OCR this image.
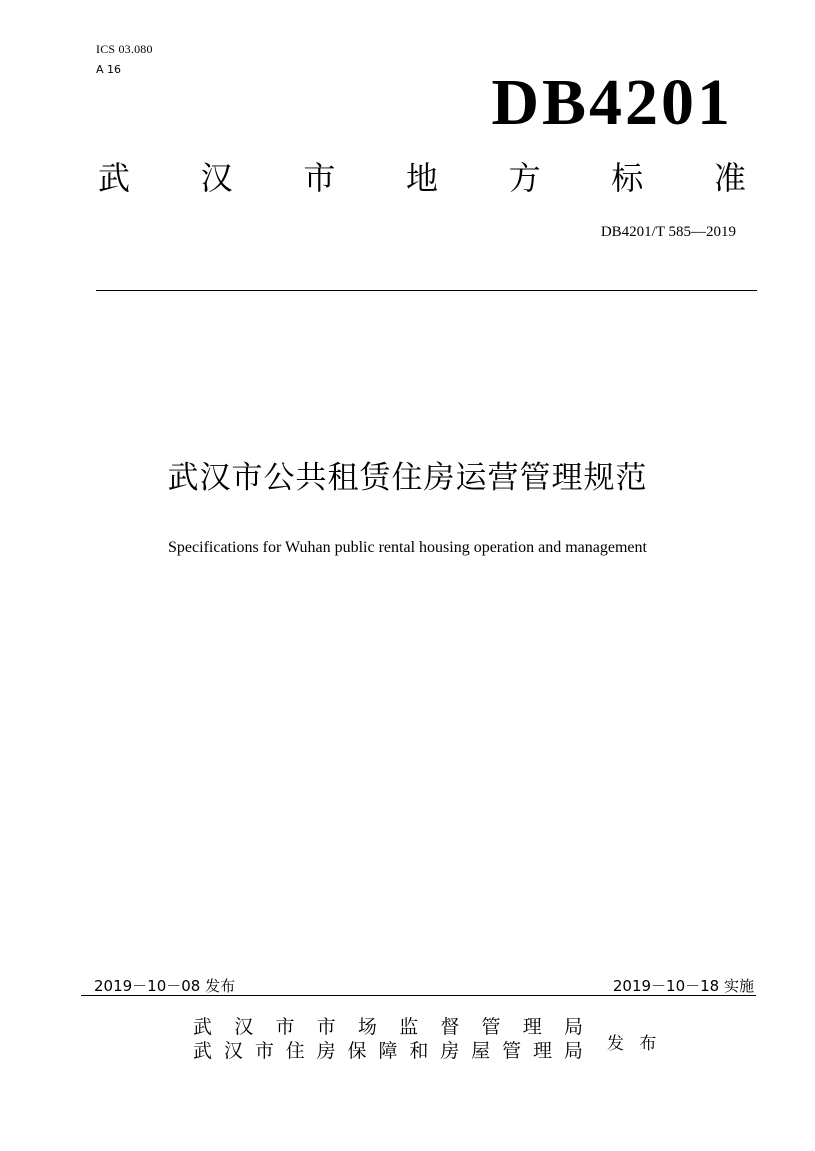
ICS 03.080
A 16	DB4201
武 汉 市 地 方 标 准
DB4201/T 585—2019
武汉市公共租赁住房运营管理规范
Specifications for Wuhan public rental housing operation and management
2019－10－08 发布	2019－10－18 实施
武 汉 市 市 场 监 督 管 理 局
武 汉 市 住 房 保 障 和 房 屋 管 理 局 发 布
